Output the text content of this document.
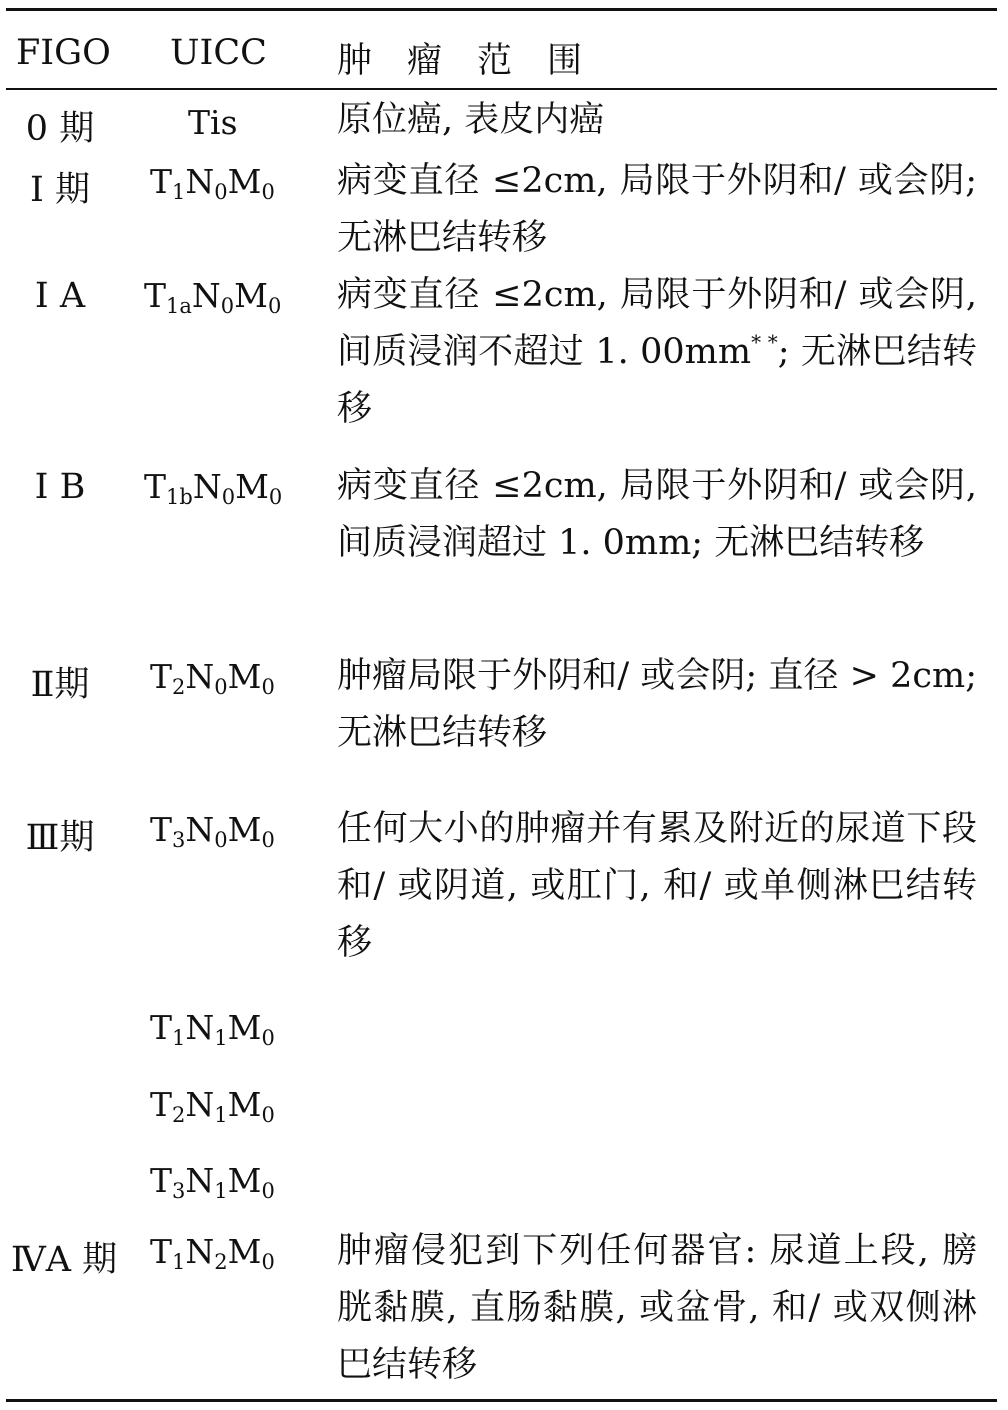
FIGO UICC 肿　瘤　范　围
0 期	Tis	原位癌, 表皮内癌
Ⅰ 期	$T_1N_0M_0$ 病变直径 ≤2cm, 局限于外阴和/ 或会阴; 无淋巴结转移
Ⅰ A	$T_{1a}N_0M_0$ 病变直径 ≤2cm, 局限于外阴和/ 或会阴, 间质浸润不超过 1. 00mm* *; 无淋巴结转移
Ⅰ B	$T_{1b}N_0M_0$ 病变直径 ≤2cm, 局限于外阴和/ 或会阴, 间质浸润超过 1. 0mm; 无淋巴结转移
Ⅱ期	$T_2N_0M_0$ 肿瘤局限于外阴和/ 或会阴; 直径 > 2cm; 无淋巴结转移
Ⅲ期 $T_3N_0M_0$ 任何大小的肿瘤并有累及附近的尿道下段和/ 或阴道, 或肛门, 和/ 或单侧淋巴结转移
$T_1N_1M_0$
$T_2N_1M_0$
$T_3N_1M_0$
ⅣA 期 $T_1N_2M_0$ 肿瘤侵犯到下列任何器官: 尿道上段, 膀胱黏膜, 直肠黏膜, 或盆骨, 和/ 或双侧淋巴结转移
